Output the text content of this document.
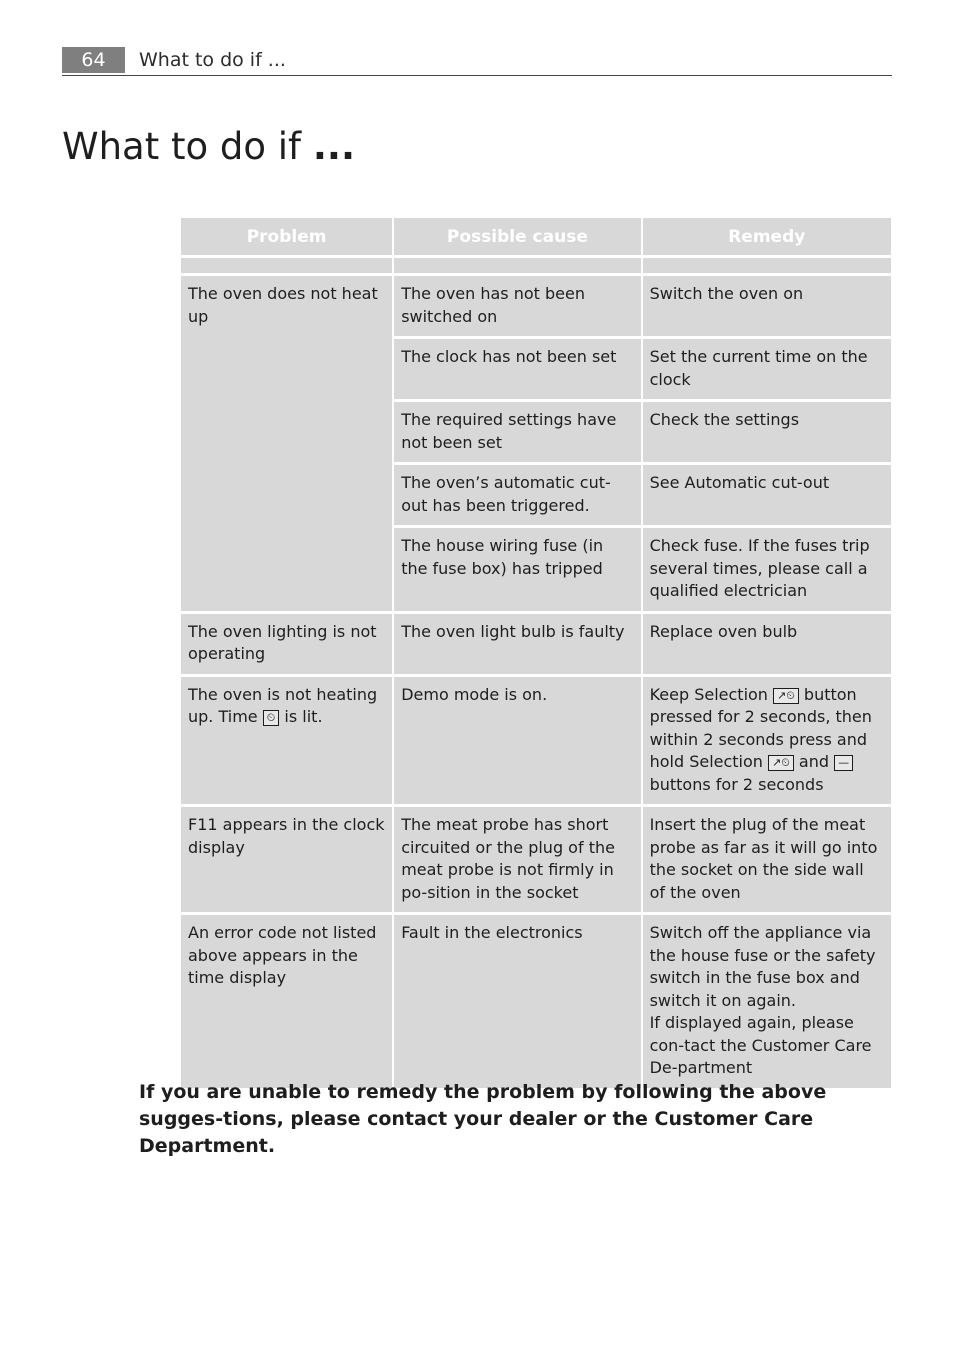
64	What to do if ...
What to do if ...
Problem	Possible cause	Remedy

The oven does not heat up	The oven has not been switched on	Switch the oven on
	The clock has not been set	Set the current time on the clock
	The required settings have not been set	Check the settings
	The oven’s automatic cut-out has been triggered.	See Automatic cut-out
	The house wiring fuse (in the fuse box) has tripped	Check fuse. If the fuses trip several times, please call a qualified electrician
The oven lighting is not operating	The oven light bulb is faulty	Replace oven bulb
The oven is not heating up. Time ⏲ is lit.	Demo mode is on.	Keep Selection ↗⏲ button pressed for 2 seconds, then within 2 seconds press and hold Selection ↗⏲ and — buttons for 2 seconds
F11 appears in the clock display	The meat probe has short circuited or the plug of the meat probe is not firmly in po-sition in the socket	Insert the plug of the meat probe as far as it will go into the socket on the side wall of the oven
An error code not listed above appears in the time display	Fault in the electronics	Switch off the appliance via the house fuse or the safety switch in the fuse box and switch it on again.
If displayed again, please con-tact the Customer Care De-partment
If you are unable to remedy the problem by following the above sugges-tions, please contact your dealer or the Customer Care Department.
